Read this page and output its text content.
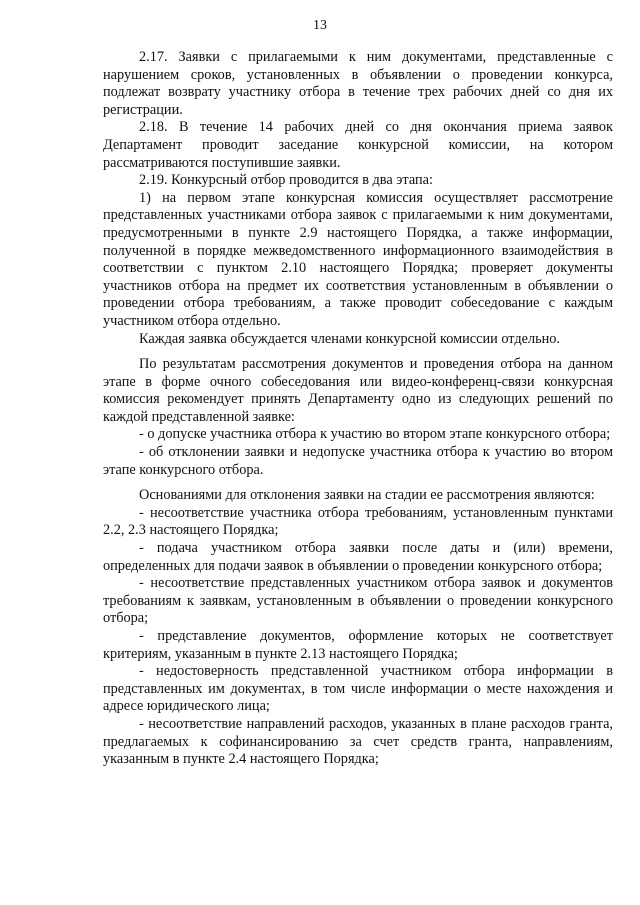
13

2.17. Заявки с прилагаемыми к ним документами, представленные с нарушением сроков, установленных в объявлении о проведении конкурса, подлежат возврату участнику отбора в течение трех рабочих дней со дня их регистрации.

2.18. В течение 14 рабочих дней со дня окончания приема заявок Департамент проводит заседание конкурсной комиссии, на котором рассматриваются поступившие заявки.

2.19. Конкурсный отбор проводится в два этапа:

1) на первом этапе конкурсная комиссия осуществляет рассмотрение представленных участниками отбора заявок с прилагаемыми к ним документами, предусмотренными в пункте 2.9 настоящего Порядка, а также информации, полученной в порядке межведомственного информационного взаимодействия в соответствии с пунктом 2.10 настоящего Порядка; проверяет документы участников отбора на предмет их соответствия установленным в объявлении о проведении отбора требованиям, а также проводит собеседование с каждым участником отбора отдельно.

Каждая заявка обсуждается членами конкурсной комиссии отдельно.

По результатам рассмотрения документов и проведения отбора на данном этапе в форме очного собеседования или видео-конференц-связи конкурсная комиссия рекомендует принять Департаменту одно из следующих решений по каждой представленной заявке:

- о допуске участника отбора к участию во втором этапе конкурсного отбора;

- об отклонении заявки и недопуске участника отбора к участию во втором этапе конкурсного отбора.

Основаниями для отклонения заявки на стадии ее рассмотрения являются:

- несоответствие участника отбора требованиям, установленным пунктами 2.2, 2.3 настоящего Порядка;

- подача участником отбора заявки после даты и (или) времени, определенных для подачи заявок в объявлении о проведении конкурсного отбора;

- несоответствие представленных участником отбора заявок и документов требованиям к заявкам, установленным в объявлении о проведении конкурсного отбора;

- представление документов, оформление которых не соответствует критериям, указанным в пункте 2.13 настоящего Порядка;

- недостоверность представленной участником отбора информации в представленных им документах, в том числе информации о месте нахождения и адресе юридического лица;

- несоответствие направлений расходов, указанных в плане расходов гранта, предлагаемых к софинансированию за счет средств гранта, направлениям, указанным в пункте 2.4 настоящего Порядка;
